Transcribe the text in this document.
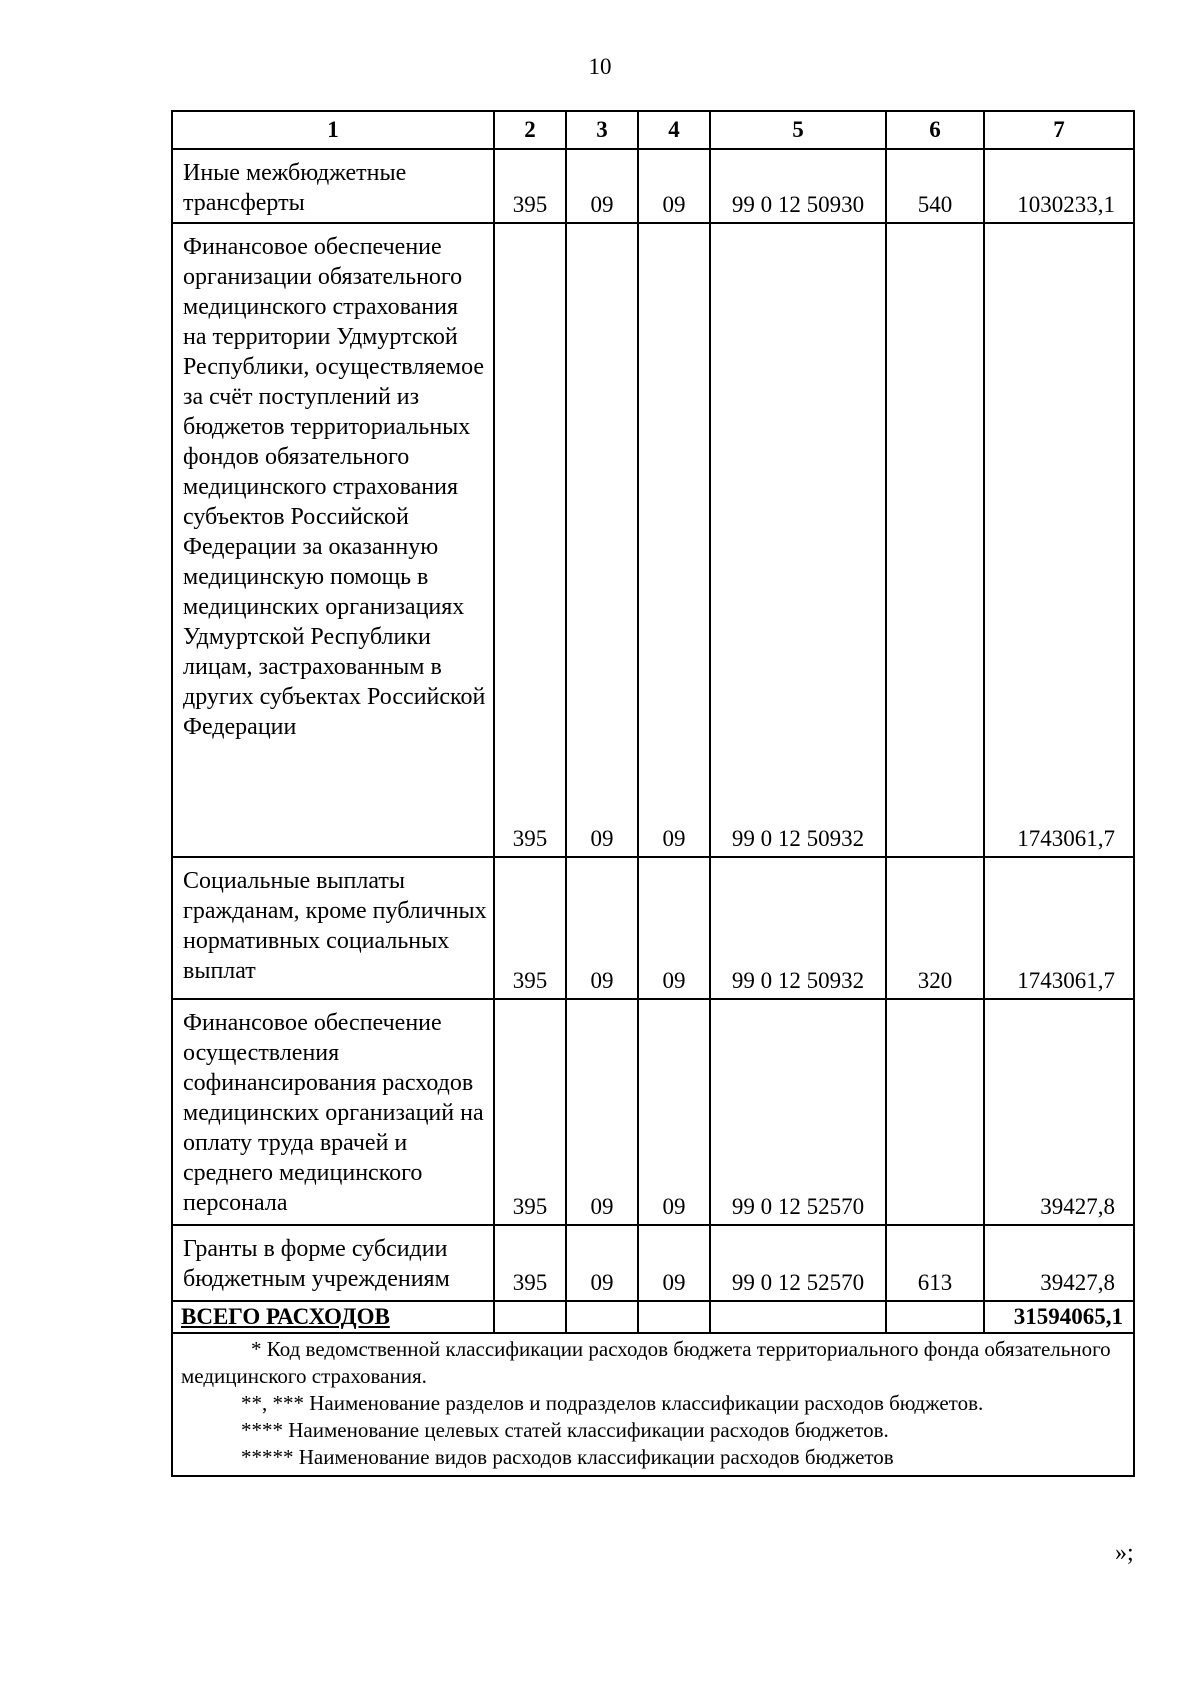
10
1	2	3	4	5	6	7
Иные межбюджетные трансферты	395	09	09	99 0 12 50930	540	1030233,1
Финансовое обеспечение организации обязательного медицинского страхования на территории Удмуртской Республики, осуществляемое за счёт поступлений из бюджетов территориальных фондов обязательного медицинского страхования субъектов Российской Федерации за оказанную медицинскую помощь в медицинских организациях Удмуртской Республики лицам, застрахованным в других субъектах Российской Федерации	395	09	09	99 0 12 50932		1743061,7
Социальные выплаты гражданам, кроме публичных нормативных социальных выплат	395	09	09	99 0 12 50932	320	1743061,7
Финансовое обеспечение осуществления софинансирования расходов медицинских организаций на оплату труда врачей и среднего медицинского персонала	395	09	09	99 0 12 52570		39427,8
Гранты в форме субсидии бюджетным учреждениям	395	09	09	99 0 12 52570	613	39427,8
ВСЕГО РАСХОДОВ						31594065,1

* Код ведомственной классификации расходов бюджета территориального фонда обязательного медицинского страхования.

**, *** Наименование разделов и подразделов классификации расходов бюджетов.

**** Наименование целевых статей классификации расходов бюджетов.

***** Наименование видов расходов классификации расходов бюджетов						

»;
